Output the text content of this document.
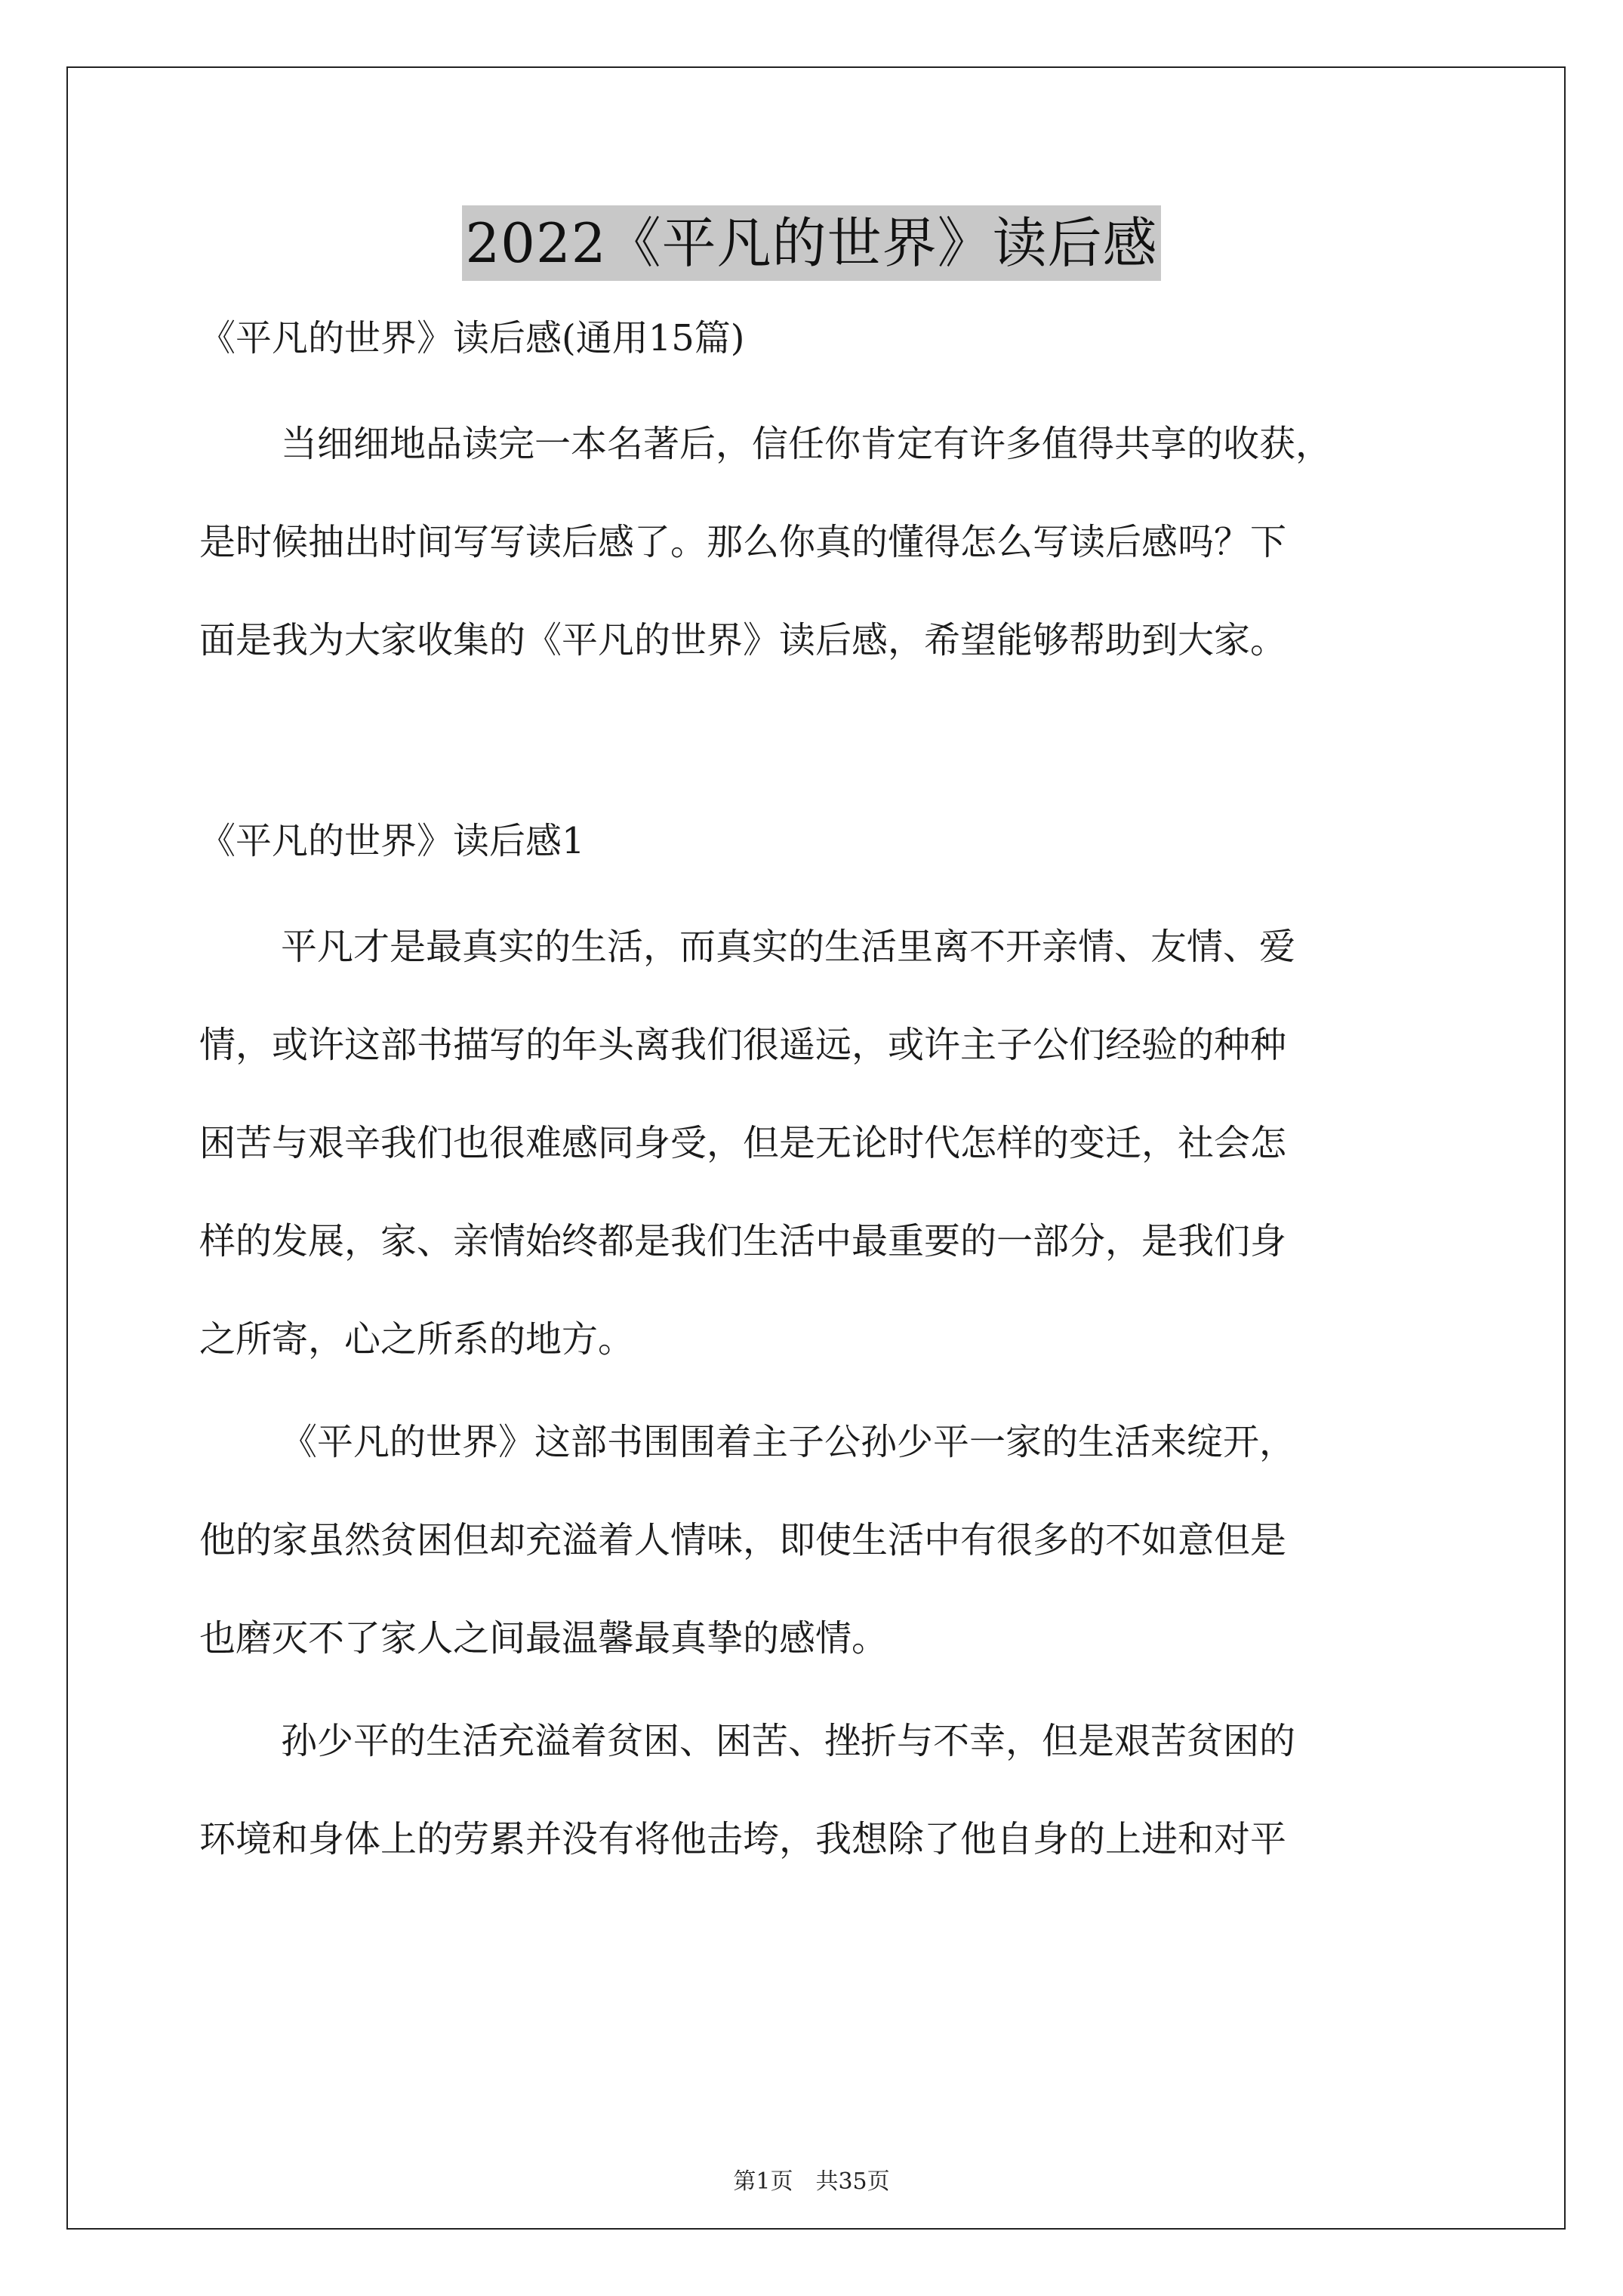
2022《平凡的世界》读后感
《平凡的世界》读后感(通用15篇)
当细细地品读完一本名著后，信任你肯定有许多值得共享的收获，
是时候抽出时间写写读后感了。那么你真的懂得怎么写读后感吗？下
面是我为大家收集的《平凡的世界》读后感，希望能够帮助到大家。
《平凡的世界》读后感1
平凡才是最真实的生活，而真实的生活里离不开亲情、友情、爱
情，或许这部书描写的年头离我们很遥远，或许主子公们经验的种种
困苦与艰辛我们也很难感同身受，但是无论时代怎样的变迁，社会怎
样的发展，家、亲情始终都是我们生活中最重要的一部分，是我们身
之所寄，心之所系的地方。
《平凡的世界》这部书围围着主子公孙少平一家的生活来绽开，
他的家虽然贫困但却充溢着人情味，即使生活中有很多的不如意但是
也磨灭不了家人之间最温馨最真挚的感情。
孙少平的生活充溢着贫困、困苦、挫折与不幸，但是艰苦贫困的
环境和身体上的劳累并没有将他击垮，我想除了他自身的上进和对平
第1页　共35页
